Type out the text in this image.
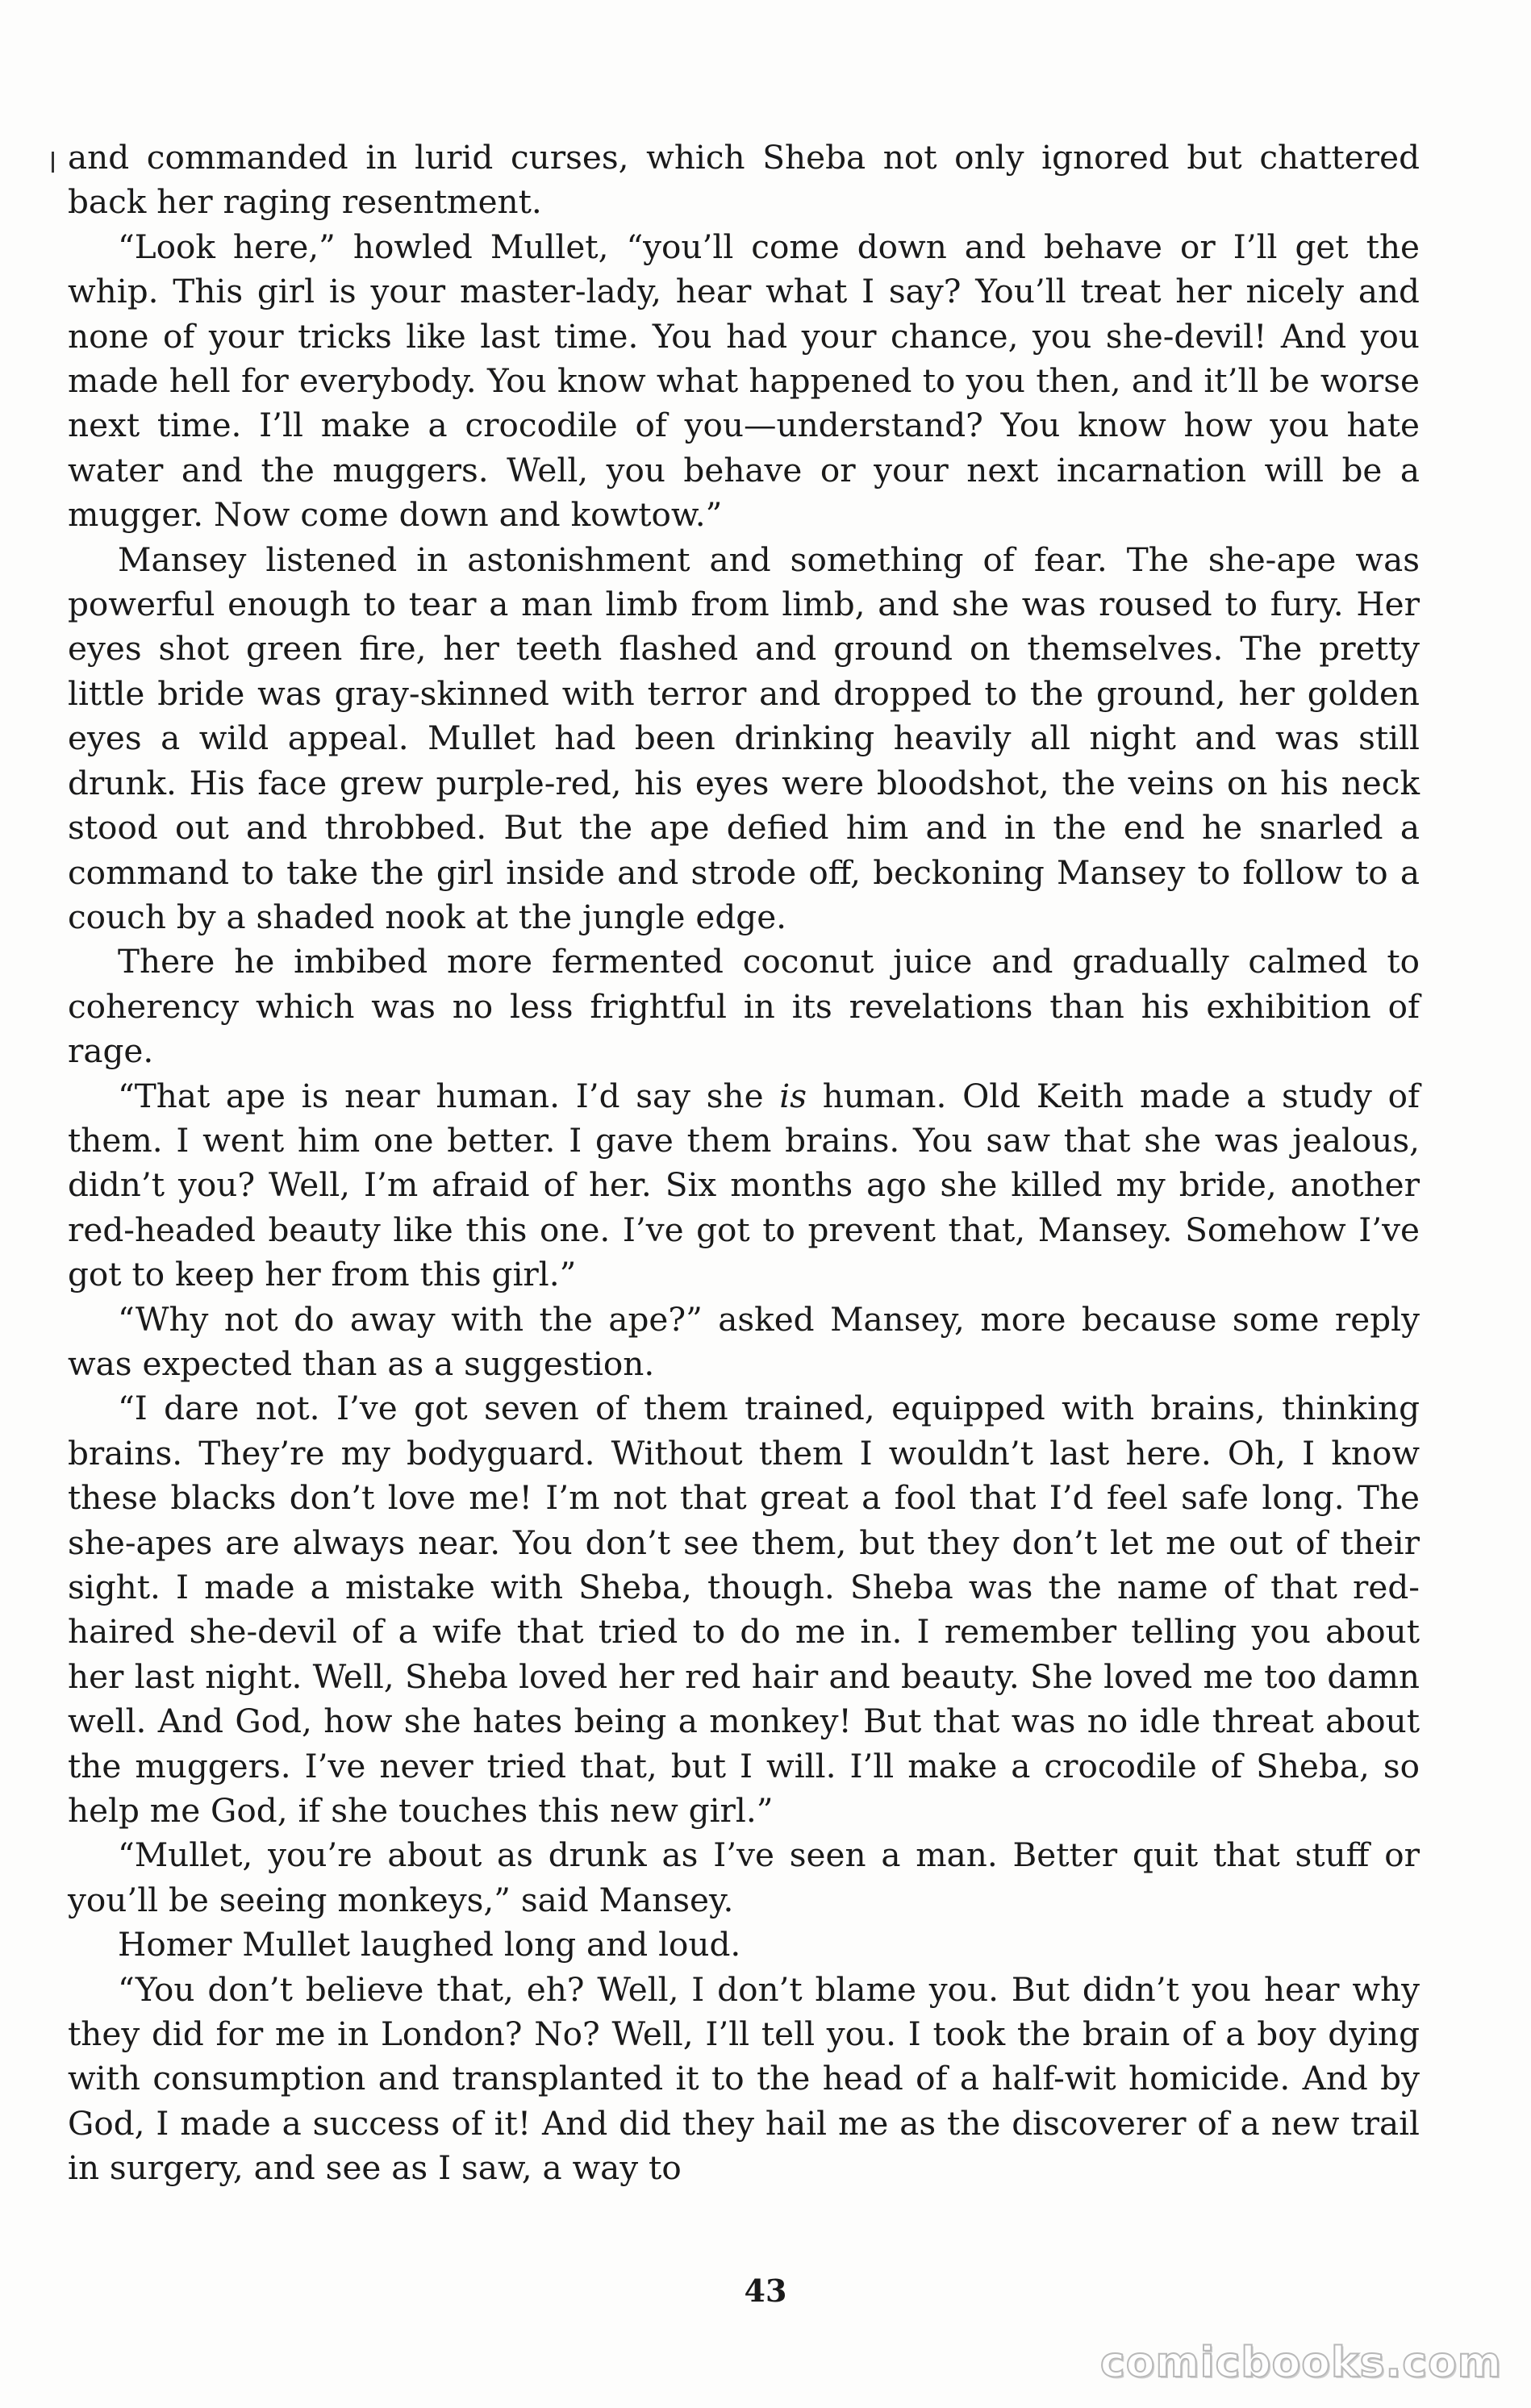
and commanded in lurid curses, which Sheba not only ignored but chattered back her raging resentment.

“Look here,” howled Mullet, “you’ll come down and behave or I’ll get the whip. This girl is your master-lady, hear what I say? You’ll treat her nicely and none of your tricks like last time. You had your chance, you she-devil! And you made hell for everybody. You know what happened to you then, and it’ll be worse next time. I’ll make a crocodile of you—understand? You know how you hate water and the muggers. Well, you behave or your next incarnation will be a mugger. Now come down and kowtow.”

Mansey listened in astonishment and something of fear. The she-ape was powerful enough to tear a man limb from limb, and she was roused to fury. Her eyes shot green fire, her teeth flashed and ground on themselves. The pretty little bride was gray-skinned with terror and dropped to the ground, her golden eyes a wild appeal. Mullet had been drinking heavily all night and was still drunk. His face grew purple-red, his eyes were bloodshot, the veins on his neck stood out and throbbed. But the ape defied him and in the end he snarled a command to take the girl inside and strode off, beckoning Mansey to follow to a couch by a shaded nook at the jungle edge.

There he imbibed more fermented coconut juice and gradually calmed to coherency which was no less frightful in its revelations than his exhibition of rage.

“That ape is near human. I’d say she is human. Old Keith made a study of them. I went him one better. I gave them brains. You saw that she was jealous, didn’t you? Well, I’m afraid of her. Six months ago she killed my bride, another red-headed beauty like this one. I’ve got to prevent that, Mansey. Somehow I’ve got to keep her from this girl.”

“Why not do away with the ape?” asked Mansey, more because some reply was expected than as a suggestion.

“I dare not. I’ve got seven of them trained, equipped with brains, thinking brains. They’re my bodyguard. Without them I wouldn’t last here. Oh, I know these blacks don’t love me! I’m not that great a fool that I’d feel safe long. The she-apes are always near. You don’t see them, but they don’t let me out of their sight. I made a mistake with Sheba, though. Sheba was the name of that red-haired she-devil of a wife that tried to do me in. I remember telling you about her last night. Well, Sheba loved her red hair and beauty. She loved me too damn well. And God, how she hates being a monkey! But that was no idle threat about the muggers. I’ve never tried that, but I will. I’ll make a crocodile of Sheba, so help me God, if she touches this new girl.”

“Mullet, you’re about as drunk as I’ve seen a man. Better quit that stuff or you’ll be seeing monkeys,” said Mansey.

Homer Mullet laughed long and loud.

“You don’t believe that, eh? Well, I don’t blame you. But didn’t you hear why they did for me in London? No? Well, I’ll tell you. I took the brain of a boy dying with consumption and transplanted it to the head of a half-wit homicide. And by God, I made a success of it! And did they hail me as the discoverer of a new trail in surgery, and see as I saw, a way to

43
comicbooks.com
